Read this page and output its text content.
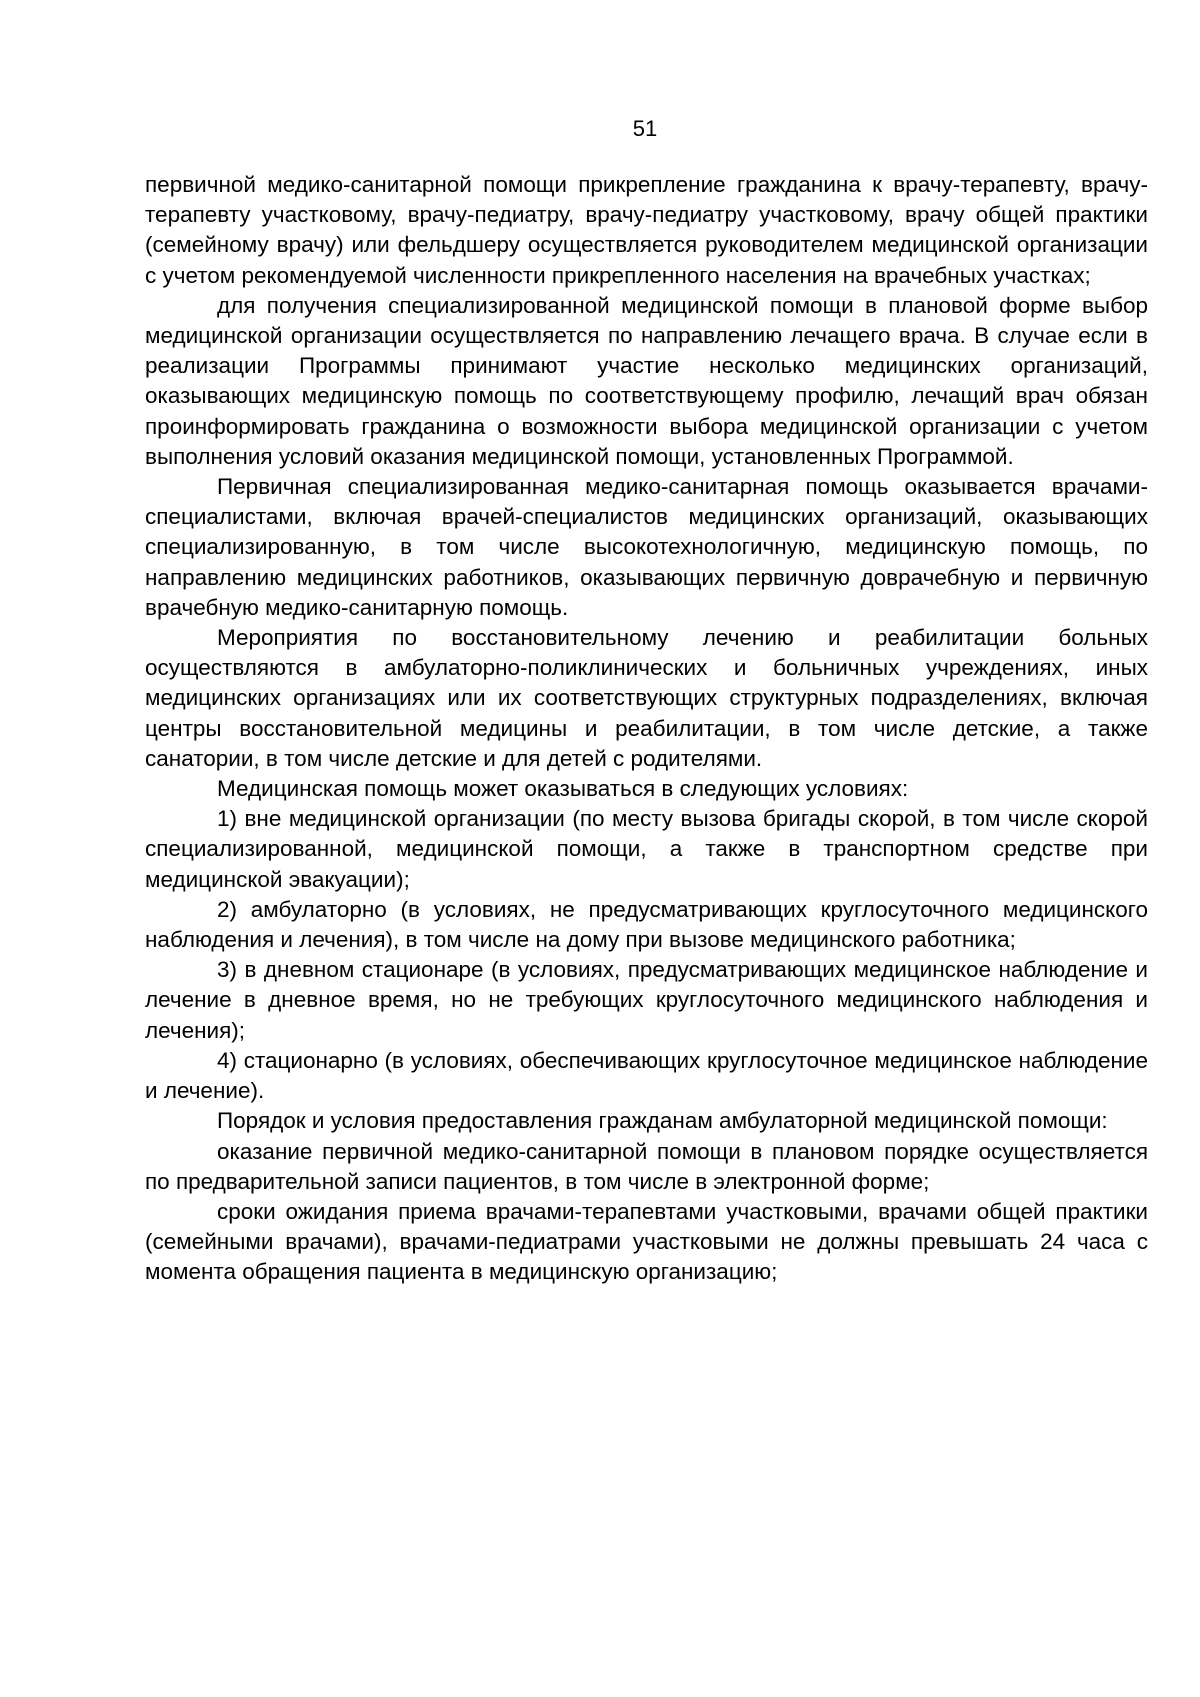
51

первичной медико-санитарной помощи прикрепление гражданина к врачу-терапевту, врачу-терапевту участковому, врачу-педиатру, врачу-педиатру участковому, врачу общей практики (семейному врачу) или фельдшеру осуществляется руководителем медицинской организации с учетом рекомендуемой численности прикрепленного населения на врачебных участках;

для получения специализированной медицинской помощи в плановой форме выбор медицинской организации осуществляется по направлению лечащего врача. В случае если в реализации Программы принимают участие несколько медицинских организаций, оказывающих медицинскую помощь по соответствующему профилю, лечащий врач обязан проинформировать гражданина о возможности выбора медицинской организации с учетом выполнения условий оказания медицинской помощи, установленных Программой.

Первичная специализированная медико-санитарная помощь оказывается врачами-специалистами, включая врачей-специалистов медицинских организаций, оказывающих специализированную, в том числе высокотехнологичную, медицинскую помощь, по направлению медицинских работников, оказывающих первичную доврачебную и первичную врачебную медико-санитарную помощь.

Мероприятия по восстановительному лечению и реабилитации больных осуществляются в амбулаторно-поликлинических и больничных учреждениях, иных медицинских организациях или их соответствующих структурных подразделениях, включая центры восстановительной медицины и реабилитации, в том числе детские, а также санатории, в том числе детские и для детей с родителями.

Медицинская помощь может оказываться в следующих условиях:

1) вне медицинской организации (по месту вызова бригады скорой, в том числе скорой специализированной, медицинской помощи, а также в транспортном средстве при медицинской эвакуации);

2) амбулаторно (в условиях, не предусматривающих круглосуточного медицинского наблюдения и лечения), в том числе на дому при вызове медицинского работника;

3) в дневном стационаре (в условиях, предусматривающих медицинское наблюдение и лечение в дневное время, но не требующих круглосуточного медицинского наблюдения и лечения);

4) стационарно (в условиях, обеспечивающих круглосуточное медицинское наблюдение и лечение).

Порядок и условия предоставления гражданам амбулаторной медицинской помощи:

оказание первичной медико-санитарной помощи в плановом порядке осуществляется по предварительной записи пациентов, в том числе в электронной форме;

сроки ожидания приема врачами-терапевтами участковыми, врачами общей практики (семейными врачами), врачами-педиатрами участковыми не должны превышать 24 часа с момента обращения пациента в медицинскую организацию;
